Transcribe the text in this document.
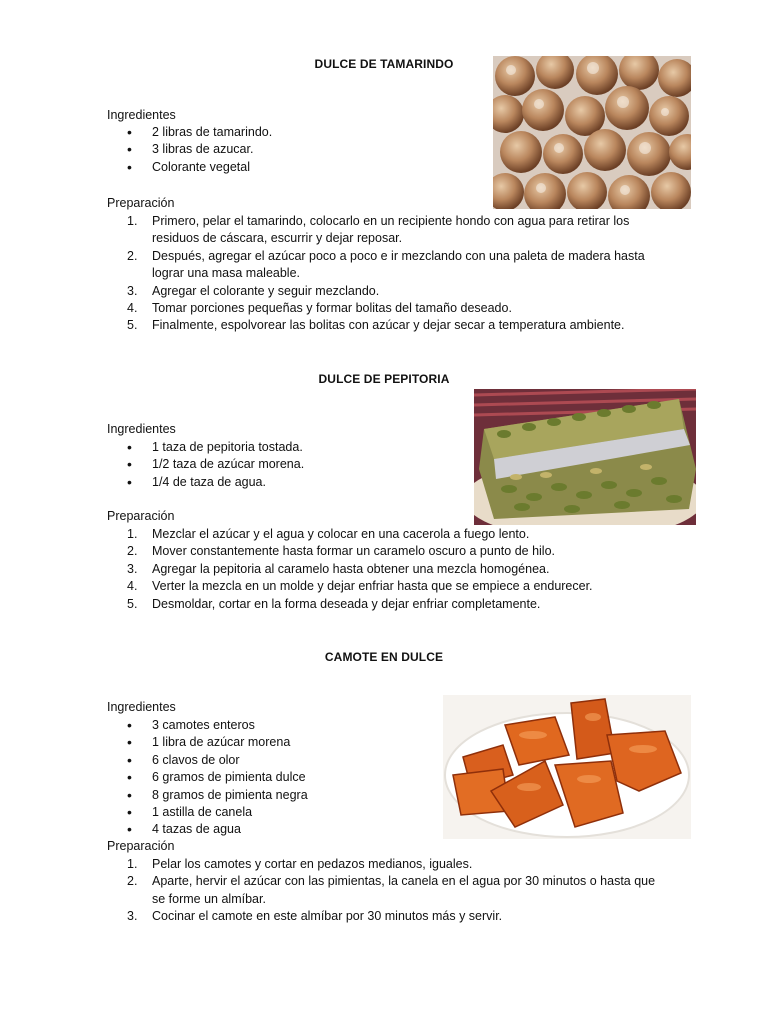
DULCE DE TAMARINDO
Ingredientes
• 2 libras de tamarindo.
• 3 libras de azucar.
• Colorante vegetal
Preparación
1. Primero, pelar el tamarindo, colocarlo en un recipiente hondo con agua para retirar los residuos de cáscara, escurrir y dejar reposar.
2. Después, agregar el azúcar poco a poco e ir mezclando con una paleta de madera hasta lograr una masa maleable.
3. Agregar el colorante y seguir mezclando.
4. Tomar porciones pequeñas y formar bolitas del tamaño deseado.
5. Finalmente, espolvorear las bolitas con azúcar y dejar secar a temperatura ambiente.
DULCE DE PEPITORIA
Ingredientes
• 1 taza de pepitoria tostada.
• 1/2 taza de azúcar morena.
• 1/4 de taza de agua.
Preparación
1. Mezclar el azúcar y el agua y colocar en una cacerola a fuego lento.
2. Mover constantemente hasta formar un caramelo oscuro a punto de hilo.
3. Agregar la pepitoria al caramelo hasta obtener una mezcla homogénea.
4. Verter la mezcla en un molde y dejar enfriar hasta que se empiece a endurecer.
5. Desmoldar, cortar en la forma deseada y dejar enfriar completamente.
CAMOTE EN DULCE
Ingredientes
• 3 camotes enteros
• 1 libra de azúcar morena
• 6 clavos de olor
• 6 gramos de pimienta dulce
• 8 gramos de pimienta negra
• 1 astilla de canela
• 4 tazas de agua
Preparación
1. Pelar los camotes y cortar en pedazos medianos, iguales.
2. Aparte, hervir el azúcar con las pimientas, la canela en el agua por 30 minutos o hasta que se forme un almíbar.
3. Cocinar el camote en este almíbar por 30 minutos más y servir.
